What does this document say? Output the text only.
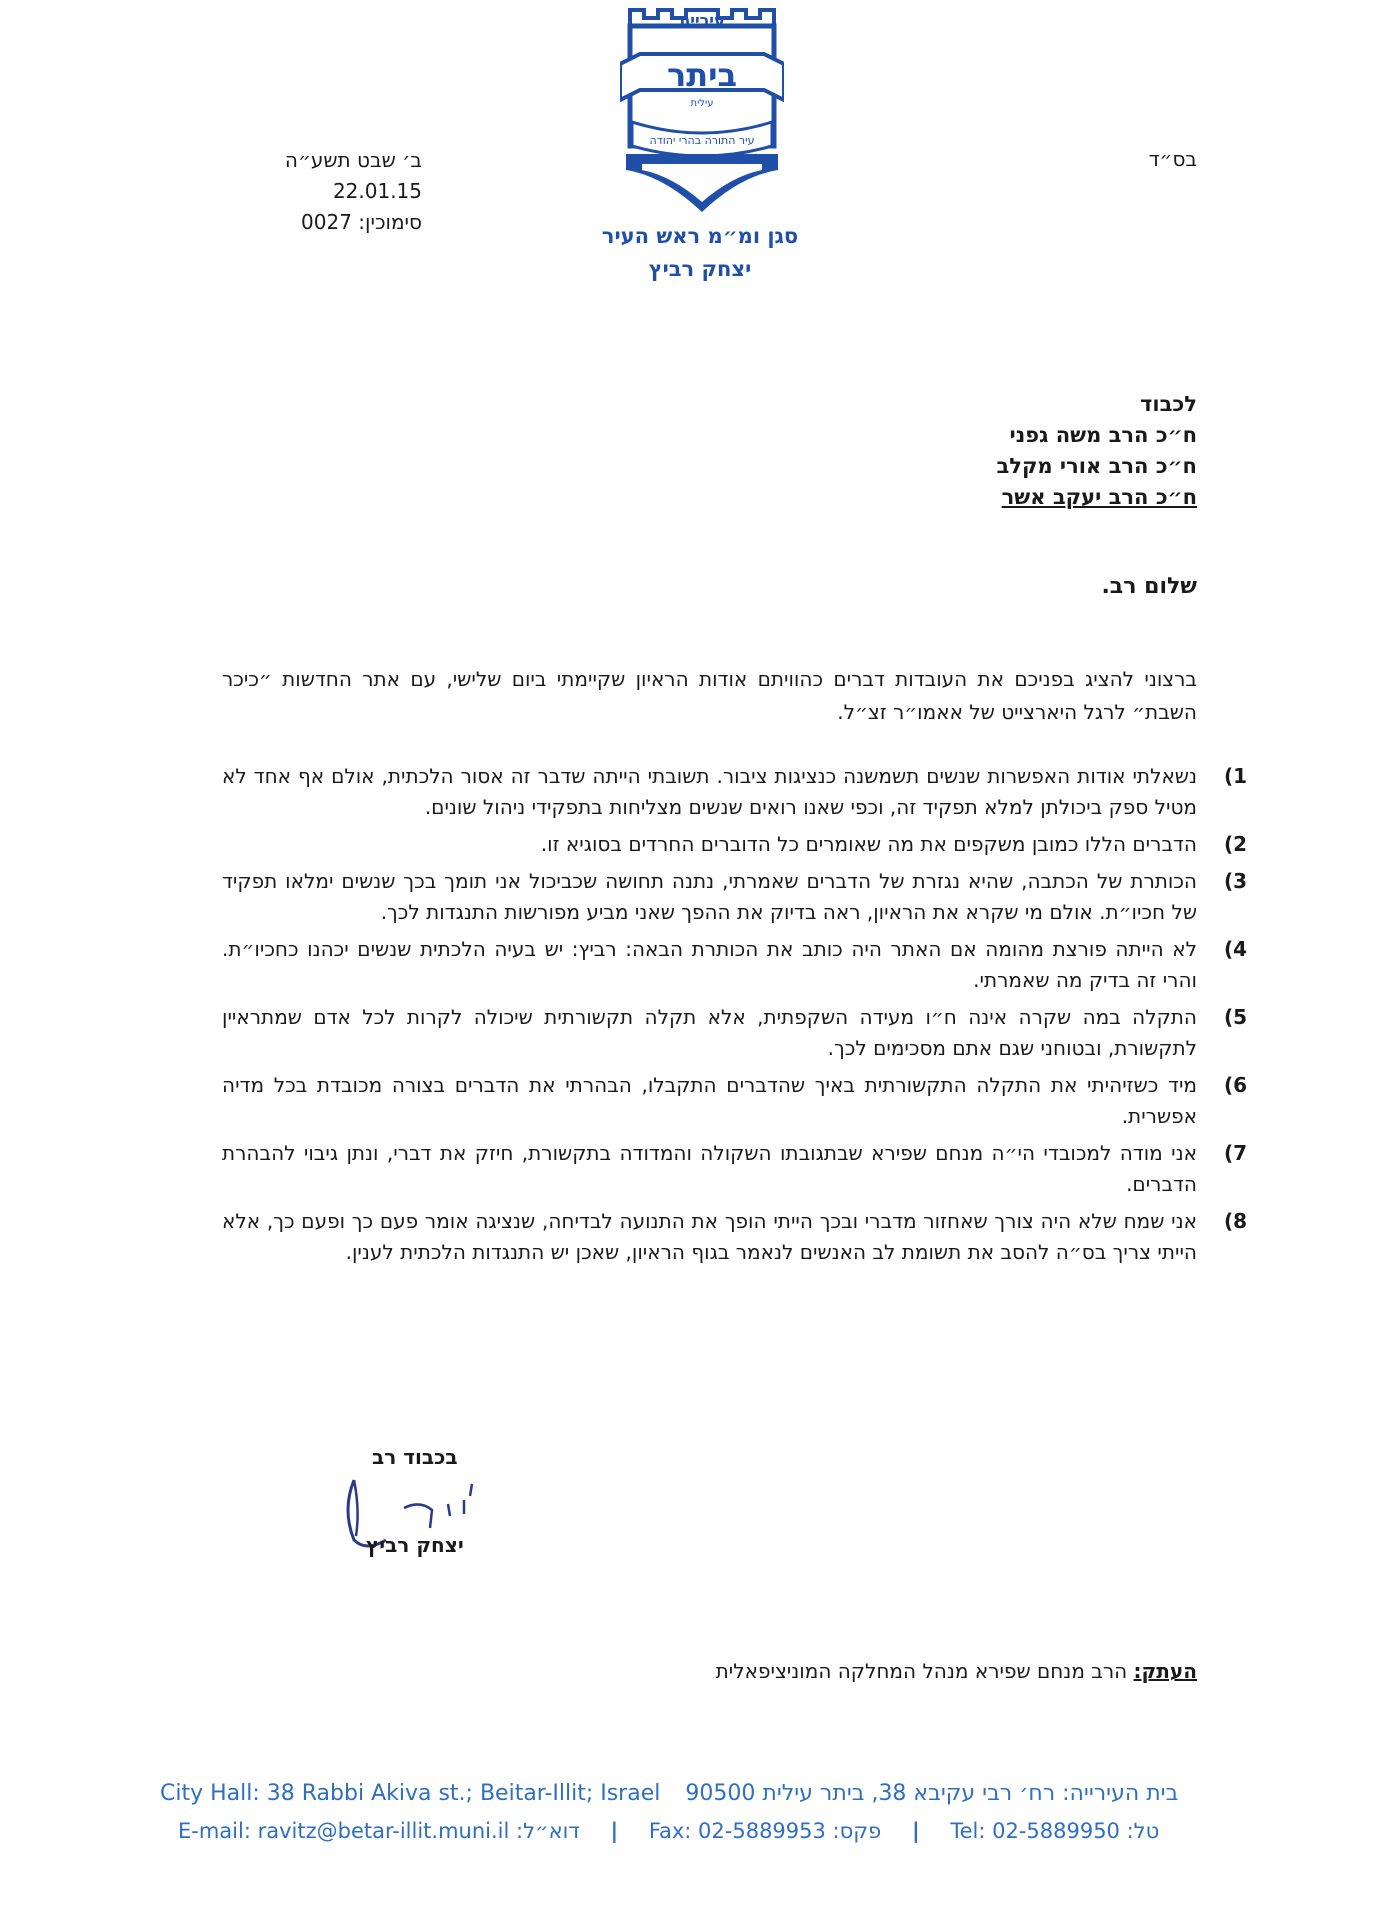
בס״ד
ב׳ שבט תשע״ה
22.01.15
סימוכין: 0027
עיריית
ביתר
עילית
עיר התורה בהרי יהודה
סגן ומ״מ ראש העיר
יצחק רביץ
לכבוד
ח״כ הרב משה גפני
ח״כ הרב אורי מקלב
ח״כ הרב יעקב אשר
שלום רב.
ברצוני להציג בפניכם את העובדות דברים כהוויתם אודות הראיון שקיימתי ביום שלישי, עם אתר החדשות ״כיכר השבת״ לרגל היארצייט של אאמו״ר זצ״ל.
1)
נשאלתי אודות האפשרות שנשים תשמשנה כנציגות ציבור. תשובתי הייתה שדבר זה אסור הלכתית, אולם אף אחד לא מטיל ספק ביכולתן למלא תפקיד זה, וכפי שאנו רואים שנשים מצליחות בתפקידי ניהול שונים.
2)
הדברים הללו כמובן משקפים את מה שאומרים כל הדוברים החרדים בסוגיא זו.
3)
הכותרת של הכתבה, שהיא נגזרת של הדברים שאמרתי, נתנה תחושה שכביכול אני תומך בכך שנשים ימלאו תפקיד של חכיו״ת. אולם מי שקרא את הראיון, ראה בדיוק את ההפך שאני מביע מפורשות התנגדות לכך.
4)
לא הייתה פורצת מהומה אם האתר היה כותב את הכותרת הבאה: רביץ: יש בעיה הלכתית שנשים יכהנו כחכיו״ת. והרי זה בדיק מה שאמרתי.
5)
התקלה במה שקרה אינה ח״ו מעידה השקפתית, אלא תקלה תקשורתית שיכולה לקרות לכל אדם שמתראיין לתקשורת, ובטוחני שגם אתם מסכימים לכך.
6)
מיד כשזיהיתי את התקלה התקשורתית באיך שהדברים התקבלו, הבהרתי את הדברים בצורה מכובדת בכל מדיה אפשרית.
7)
אני מודה למכובדי הי״ה מנחם שפירא שבתגובתו השקולה והמדודה בתקשורת, חיזק את דברי, ונתן גיבוי להבהרת הדברים.
8)
אני שמח שלא היה צורך שאחזור מדברי ובכך הייתי הופך את התנועה לבדיחה, שנציגה אומר פעם כך ופעם כך, אלא הייתי צריך בס״ה להסב את תשומת לב האנשים לנאמר בגוף הראיון, שאכן יש התנגדות הלכתית לענין.
בכבוד רב
יצחק רביץ
העתק: הרב מנחם שפירא מנהל המחלקה המוניציפאלית
City Hall: 38 Rabbi Akiva st.; Beitar-Illit; Israel בית העירייה: רח׳ רבי עקיבא 38, ביתר עילית 90500
E-mail: ravitz@betar-illit.muni.il :דוא״ל | Fax: 02-5889953 :פקס | Tel: 02-5889950 :טל
